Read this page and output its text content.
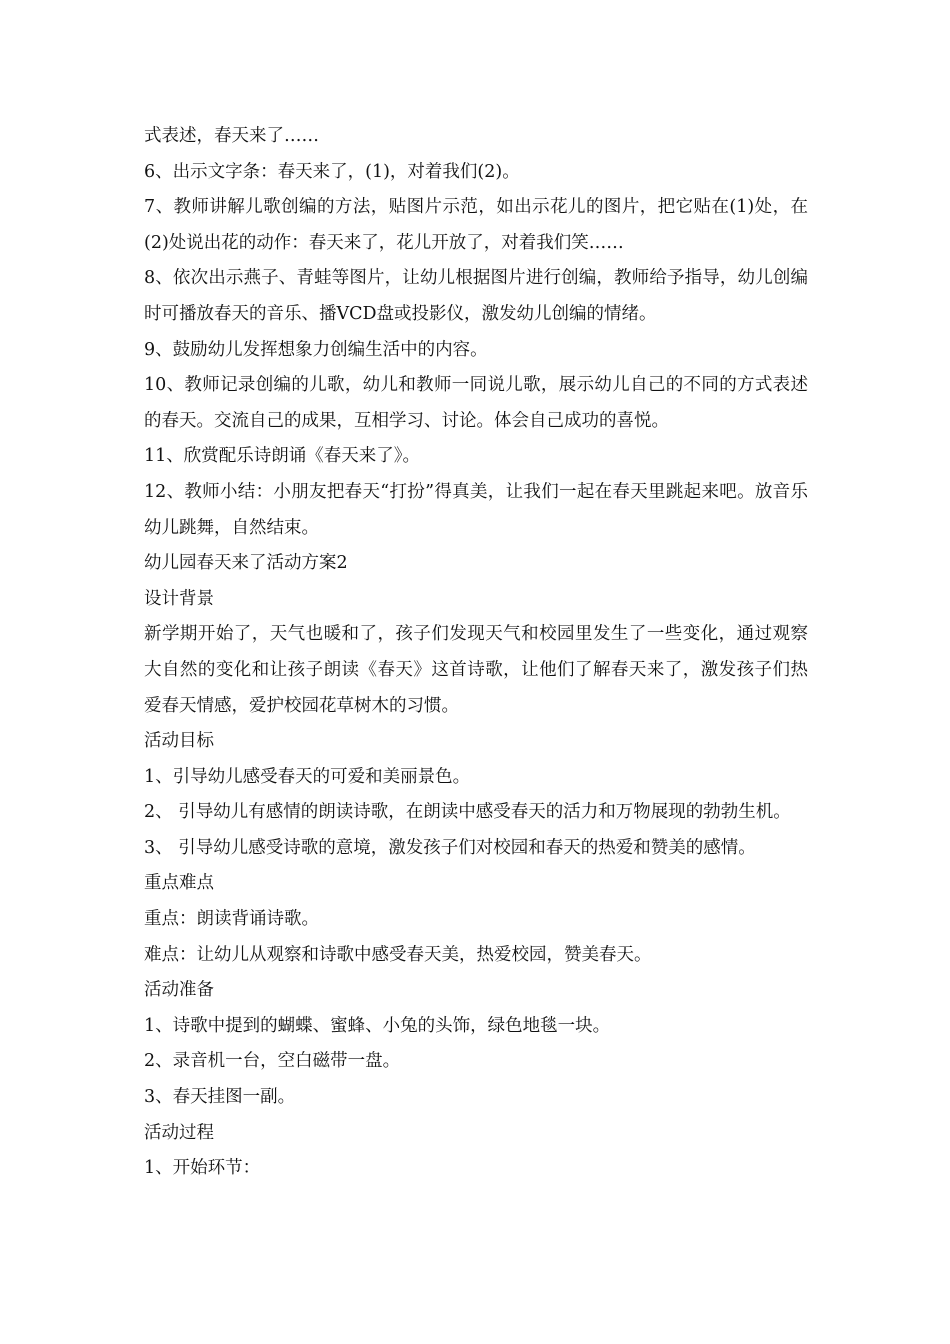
式表述，春天来了……

6、出示文字条：春天来了，(1)，对着我们(2)。

7、教师讲解儿歌创编的方法，贴图片示范，如出示花儿的图片，把它贴在(1)处，在(2)处说出花的动作：春天来了，花儿开放了，对着我们笑……

8、依次出示燕子、青蛙等图片，让幼儿根据图片进行创编，教师给予指导，幼儿创编时可播放春天的音乐、播VCD盘或投影仪，激发幼儿创编的情绪。

9、鼓励幼儿发挥想象力创编生活中的内容。

10、教师记录创编的儿歌，幼儿和教师一同说儿歌，展示幼儿自己的不同的方式表述的春天。交流自己的成果，互相学习、讨论。体会自己成功的喜悦。

11、欣赏配乐诗朗诵《春天来了》。

12、教师小结：小朋友把春天“打扮”得真美，让我们一起在春天里跳起来吧。放音乐幼儿跳舞，自然结束。

幼儿园春天来了活动方案2

设计背景

新学期开始了，天气也暖和了，孩子们发现天气和校园里发生了一些变化，通过观察大自然的变化和让孩子朗读《春天》这首诗歌，让他们了解春天来了，激发孩子们热爱春天情感，爱护校园花草树木的习惯。

活动目标

1、引导幼儿感受春天的可爱和美丽景色。

2、 引导幼儿有感情的朗读诗歌，在朗读中感受春天的活力和万物展现的勃勃生机。

3、 引导幼儿感受诗歌的意境，激发孩子们对校园和春天的热爱和赞美的感情。

重点难点

重点：朗读背诵诗歌。

难点：让幼儿从观察和诗歌中感受春天美，热爱校园，赞美春天。

活动准备

1、诗歌中提到的蝴蝶、蜜蜂、小兔的头饰，绿色地毯一块。

2、录音机一台，空白磁带一盘。

3、春天挂图一副。

活动过程

1、开始环节：
